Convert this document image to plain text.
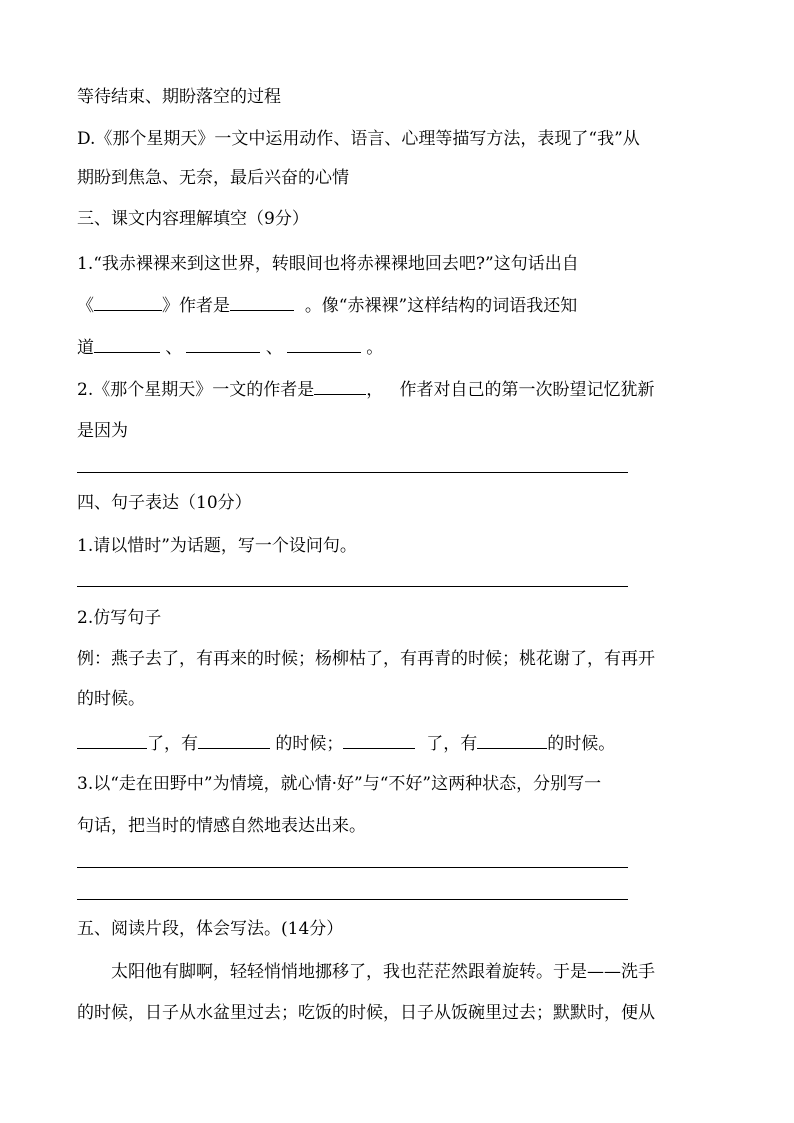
等待结束、期盼落空的过程
D.《那个星期天》一文中运用动作、语言、心理等描写方法，表现了“我”从
期盼到焦急、无奈，最后兴奋的心情
三、课文内容理解填空（9分）
1.“我赤裸裸来到这世界，转眼间也将赤裸裸地回去吧?”这句话出自
《	》作者是	。像“赤裸裸”这样结构的词语我还知
道	、	、	。
2.《那个星期天》一文的作者是	，   作者对自己的第一次盼望记忆犹新
是因为
四、句子表达（10分）
1.请以惜时”为话题，写一个设问句。
2.仿写句子
例：燕子去了，有再来的时候；杨柳枯了，有再青的时候；桃花谢了，有再开
的时候。
了，有	的时候；	了，有	的时候。
3.以“走在田野中”为情境，就心情·好”与“不好”这两种状态，分别写一
句话，把当时的情感自然地表达出来。
五、阅读片段，体会写法。(14分）
太阳他有脚啊，轻轻悄悄地挪移了，我也茫茫然跟着旋转。于是——洗手
的时候，日子从水盆里过去；吃饭的时候，日子从饭碗里过去；默默时，便从
